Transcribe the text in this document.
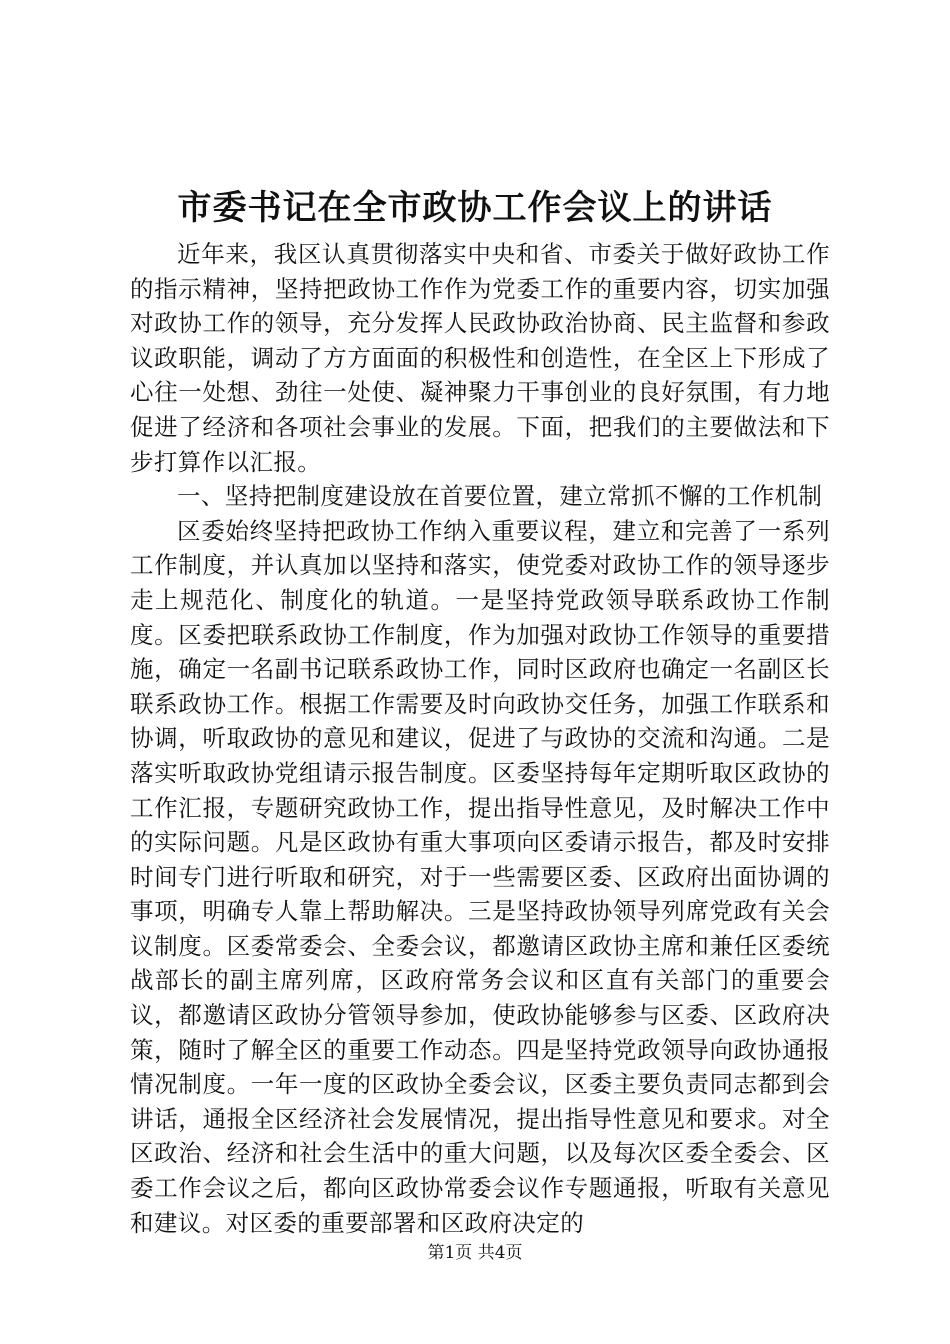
市委书记在全市政协工作会议上的讲话

近年来，我区认真贯彻落实中央和省、市委关于做好政协工作的指示精神，坚持把政协工作作为党委工作的重要内容，切实加强对政协工作的领导，充分发挥人民政协政治协商、民主监督和参政议政职能，调动了方方面面的积极性和创造性，在全区上下形成了心往一处想、劲往一处使、凝神聚力干事创业的良好氛围，有力地促进了经济和各项社会事业的发展。下面，把我们的主要做法和下步打算作以汇报。

一、坚持把制度建设放在首要位置，建立常抓不懈的工作机制

区委始终坚持把政协工作纳入重要议程，建立和完善了一系列工作制度，并认真加以坚持和落实，使党委对政协工作的领导逐步走上规范化、制度化的轨道。一是坚持党政领导联系政协工作制度。区委把联系政协工作制度，作为加强对政协工作领导的重要措施，确定一名副书记联系政协工作，同时区政府也确定一名副区长联系政协工作。根据工作需要及时向政协交任务，加强工作联系和协调，听取政协的意见和建议，促进了与政协的交流和沟通。二是落实听取政协党组请示报告制度。区委坚持每年定期听取区政协的工作汇报，专题研究政协工作，提出指导性意见，及时解决工作中的实际问题。凡是区政协有重大事项向区委请示报告，都及时安排时间专门进行听取和研究，对于一些需要区委、区政府出面协调的事项，明确专人靠上帮助解决。三是坚持政协领导列席党政有关会议制度。区委常委会、全委会议，都邀请区政协主席和兼任区委统战部长的副主席列席，区政府常务会议和区直有关部门的重要会议，都邀请区政协分管领导参加，使政协能够参与区委、区政府决策，随时了解全区的重要工作动态。四是坚持党政领导向政协通报情况制度。一年一度的区政协全委会议，区委主要负责同志都到会讲话，通报全区经济社会发展情况，提出指导性意见和要求。对全区政治、经济和社会生活中的重大问题，以及每次区委全委会、区委工作会议之后，都向区政协常委会议作专题通报，听取有关意见和建议。对区委的重要部署和区政府决定的

第1页 共4页
